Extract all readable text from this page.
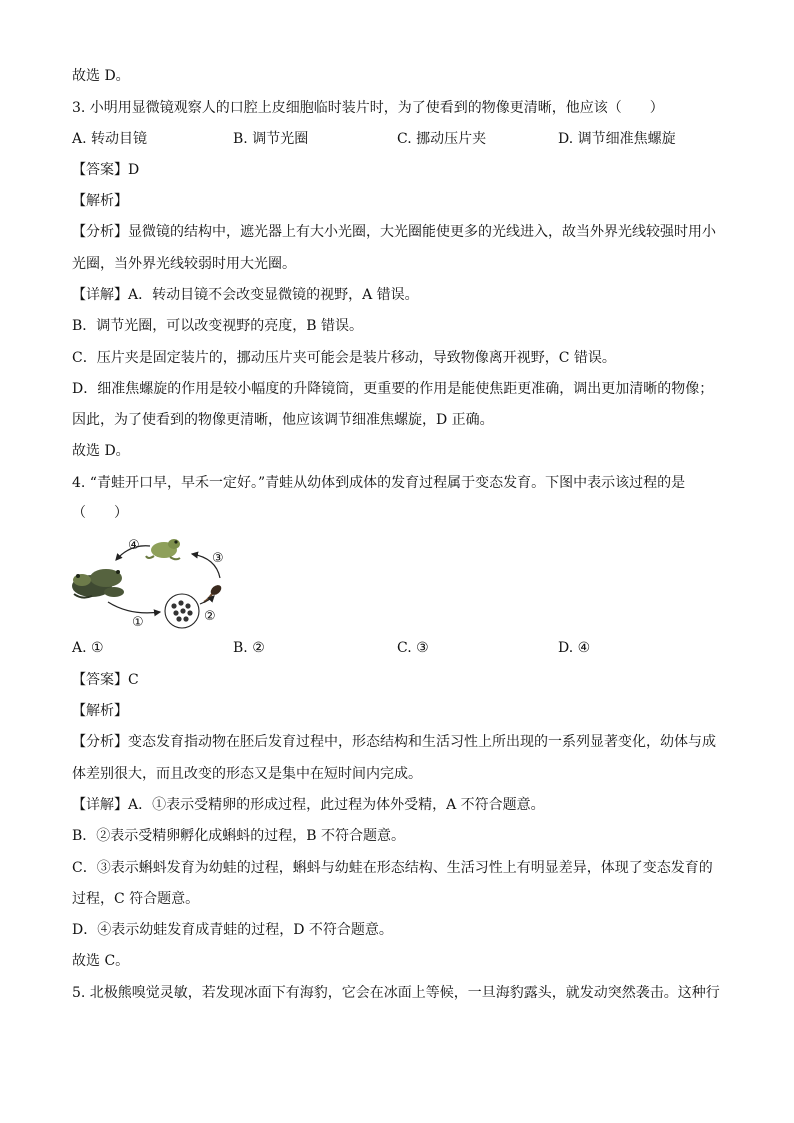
故选 D。
3. 小明用显微镜观察人的口腔上皮细胞临时装片时，为了使看到的物像更清晰，他应该（　　）
A. 转动目镜	B. 调节光圈	C. 挪动压片夹	D. 调节细准焦螺旋
【答案】D
【解析】
【分析】显微镜的结构中，遮光器上有大小光圈，大光圈能使更多的光线进入，故当外界光线较强时用小
光圈，当外界光线较弱时用大光圈。
【详解】A．转动目镜不会改变显微镜的视野，A 错误。
B．调节光圈，可以改变视野的亮度，B 错误。
C．压片夹是固定装片的，挪动压片夹可能会是装片移动，导致物像离开视野，C 错误。
D．细准焦螺旋的作用是较小幅度的升降镜筒，更重要的作用是能使焦距更准确，调出更加清晰的物像；
因此，为了使看到的物像更清晰，他应该调节细准焦螺旋，D 正确。
故选 D。
4. “青蛙开口早，早禾一定好。”青蛙从幼体到成体的发育过程属于变态发育。下图中表示该过程的是
（　　）
①	②
③
④
A. ①	B. ②	C. ③	D. ④
【答案】C
【解析】
【分析】变态发育指动物在胚后发育过程中，形态结构和生活习性上所出现的一系列显著变化，幼体与成
体差别很大，而且改变的形态又是集中在短时间内完成。
【详解】A．①表示受精卵的形成过程，此过程为体外受精，A 不符合题意。
B．②表示受精卵孵化成蝌蚪的过程，B 不符合题意。
C．③表示蝌蚪发育为幼蛙的过程，蝌蚪与幼蛙在形态结构、生活习性上有明显差异，体现了变态发育的
过程，C 符合题意。
D．④表示幼蛙发育成青蛙的过程，D 不符合题意。
故选 C。
5. 北极熊嗅觉灵敏，若发现冰面下有海豹，它会在冰面上等候，一旦海豹露头，就发动突然袭击。这种行
